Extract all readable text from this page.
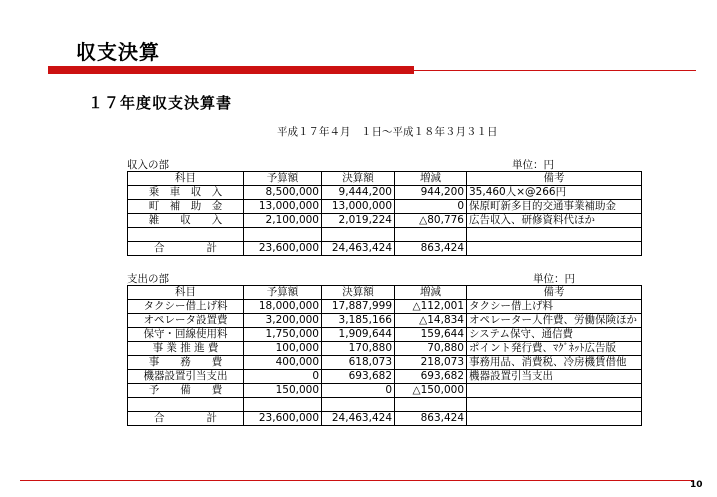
収支決算
１７年度収支決算書
平成１７年４月　１日～平成１８年３月３１日
収入の部	単位：円
科目	予算額	決算額	増減	備考
乗　車　収　入	8,500,000	9,444,200	944,200	35,460人×@266円
町　補　助　金	13,000,000	13,000,000	0	保原町新多目的交通事業補助金
雑　　収　　入	2,100,000	2,019,224	△80,776	広告収入、研修資料代ほか

合　　　　計	23,600,000	24,463,424	863,424	
支出の部	単位：円
科目	予算額	決算額	増減	備考
タクシー借上げ料	18,000,000	17,887,999	△112,001	タクシー借上げ料
オペレータ設置費	3,200,000	3,185,166	△14,834	オペレーター人件費、労働保険ほか
保守・回線使用料	1,750,000	1,909,644	159,644	システム保守、通信費
事 業 推 進 費	100,000	170,880	70,880	ポイント発行費、ﾏｸﾞﾈｯﾄ広告版
事　　務　　費	400,000	618,073	218,073	事務用品、消費税、冷房機賃借他
機器設置引当支出	0	693,682	693,682	機器設置引当支出
予　　備　　費	150,000	0	△150,000	

合　　　　計	23,600,000	24,463,424	863,424	
10
